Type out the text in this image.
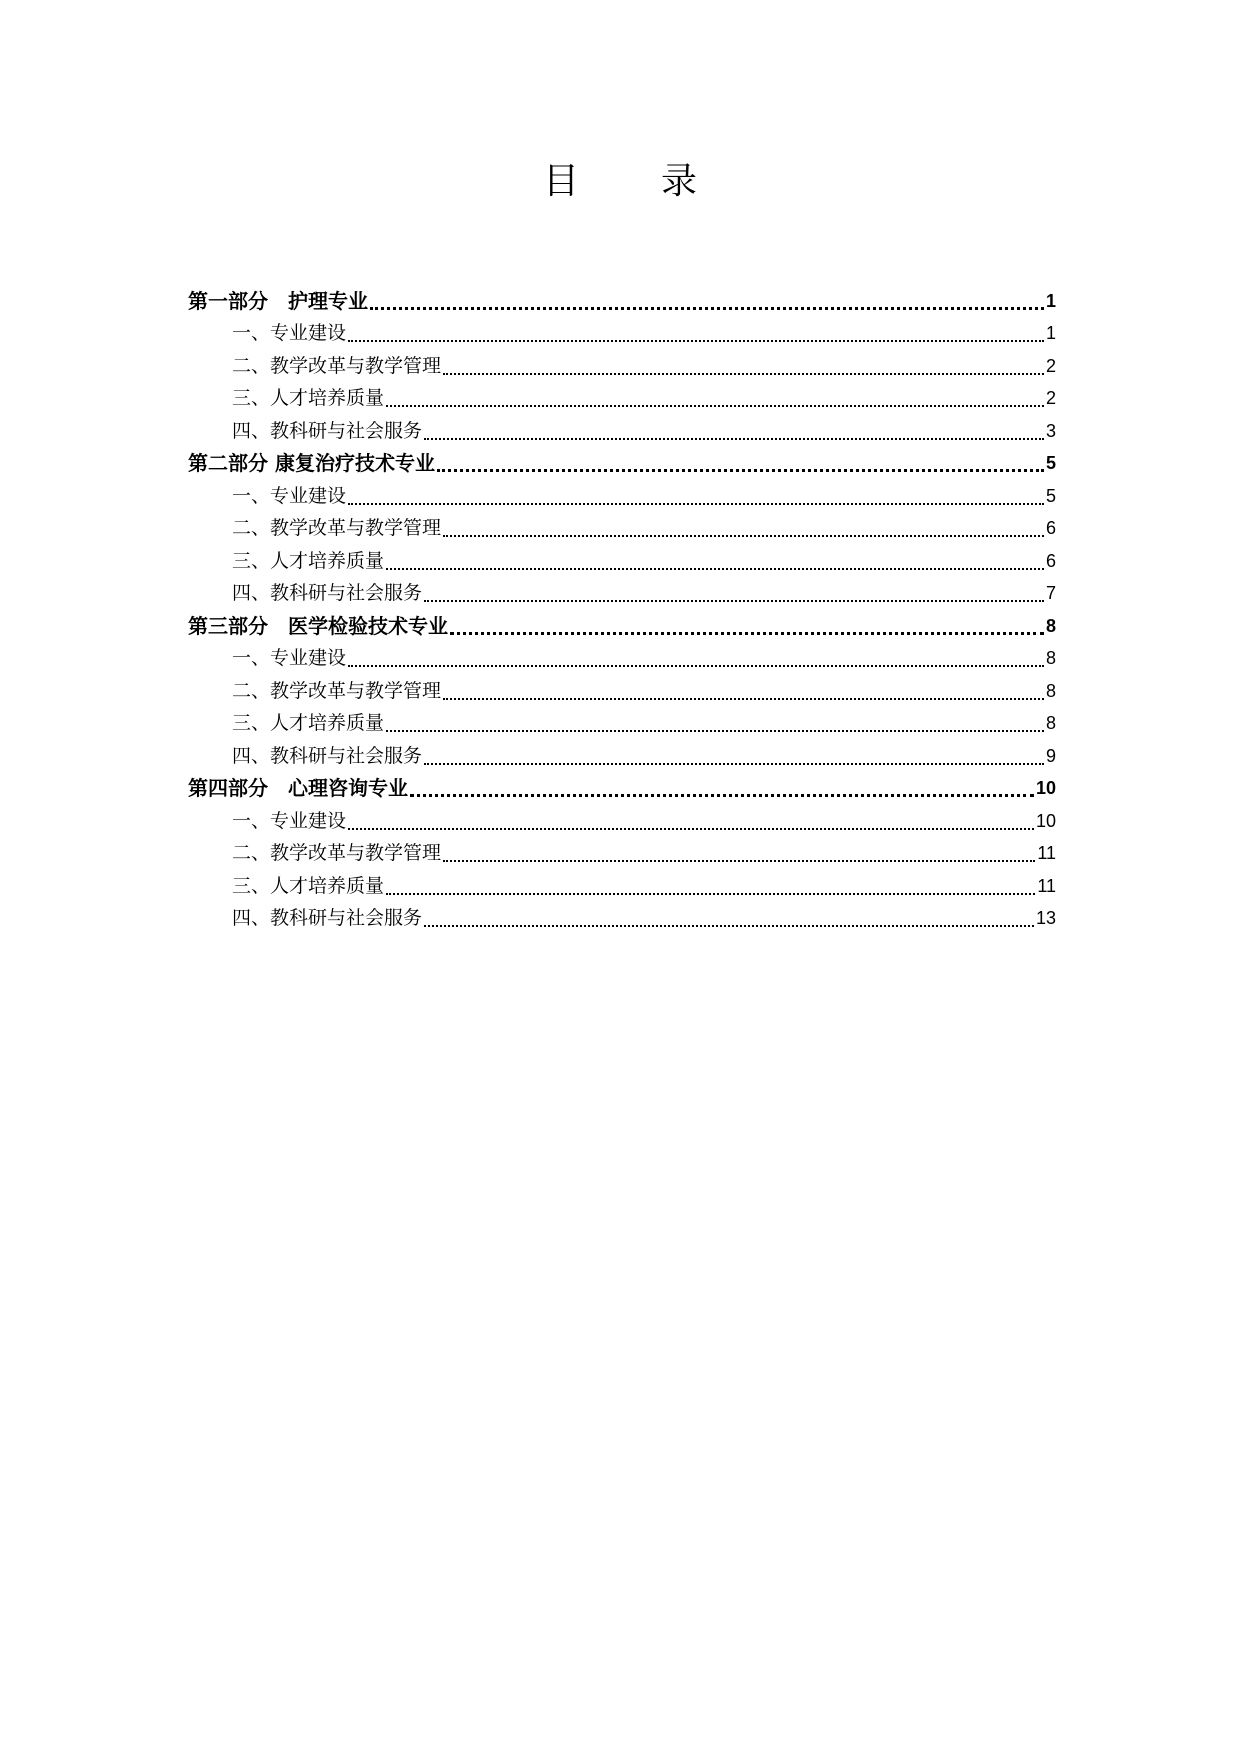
目 录
第一部分　护理专业	1
一、专业建设	1
二、教学改革与教学管理	2
三、人才培养质量	2
四、教科研与社会服务	3
第二部分 康复治疗技术专业	5
一、专业建设	5
二、教学改革与教学管理	6
三、人才培养质量	6
四、教科研与社会服务	7
第三部分　医学检验技术专业	8
一、专业建设	8
二、教学改革与教学管理	8
三、人才培养质量	8
四、教科研与社会服务	9
第四部分　心理咨询专业	10
一、专业建设	10
二、教学改革与教学管理	11
三、人才培养质量	11
四、教科研与社会服务	13
